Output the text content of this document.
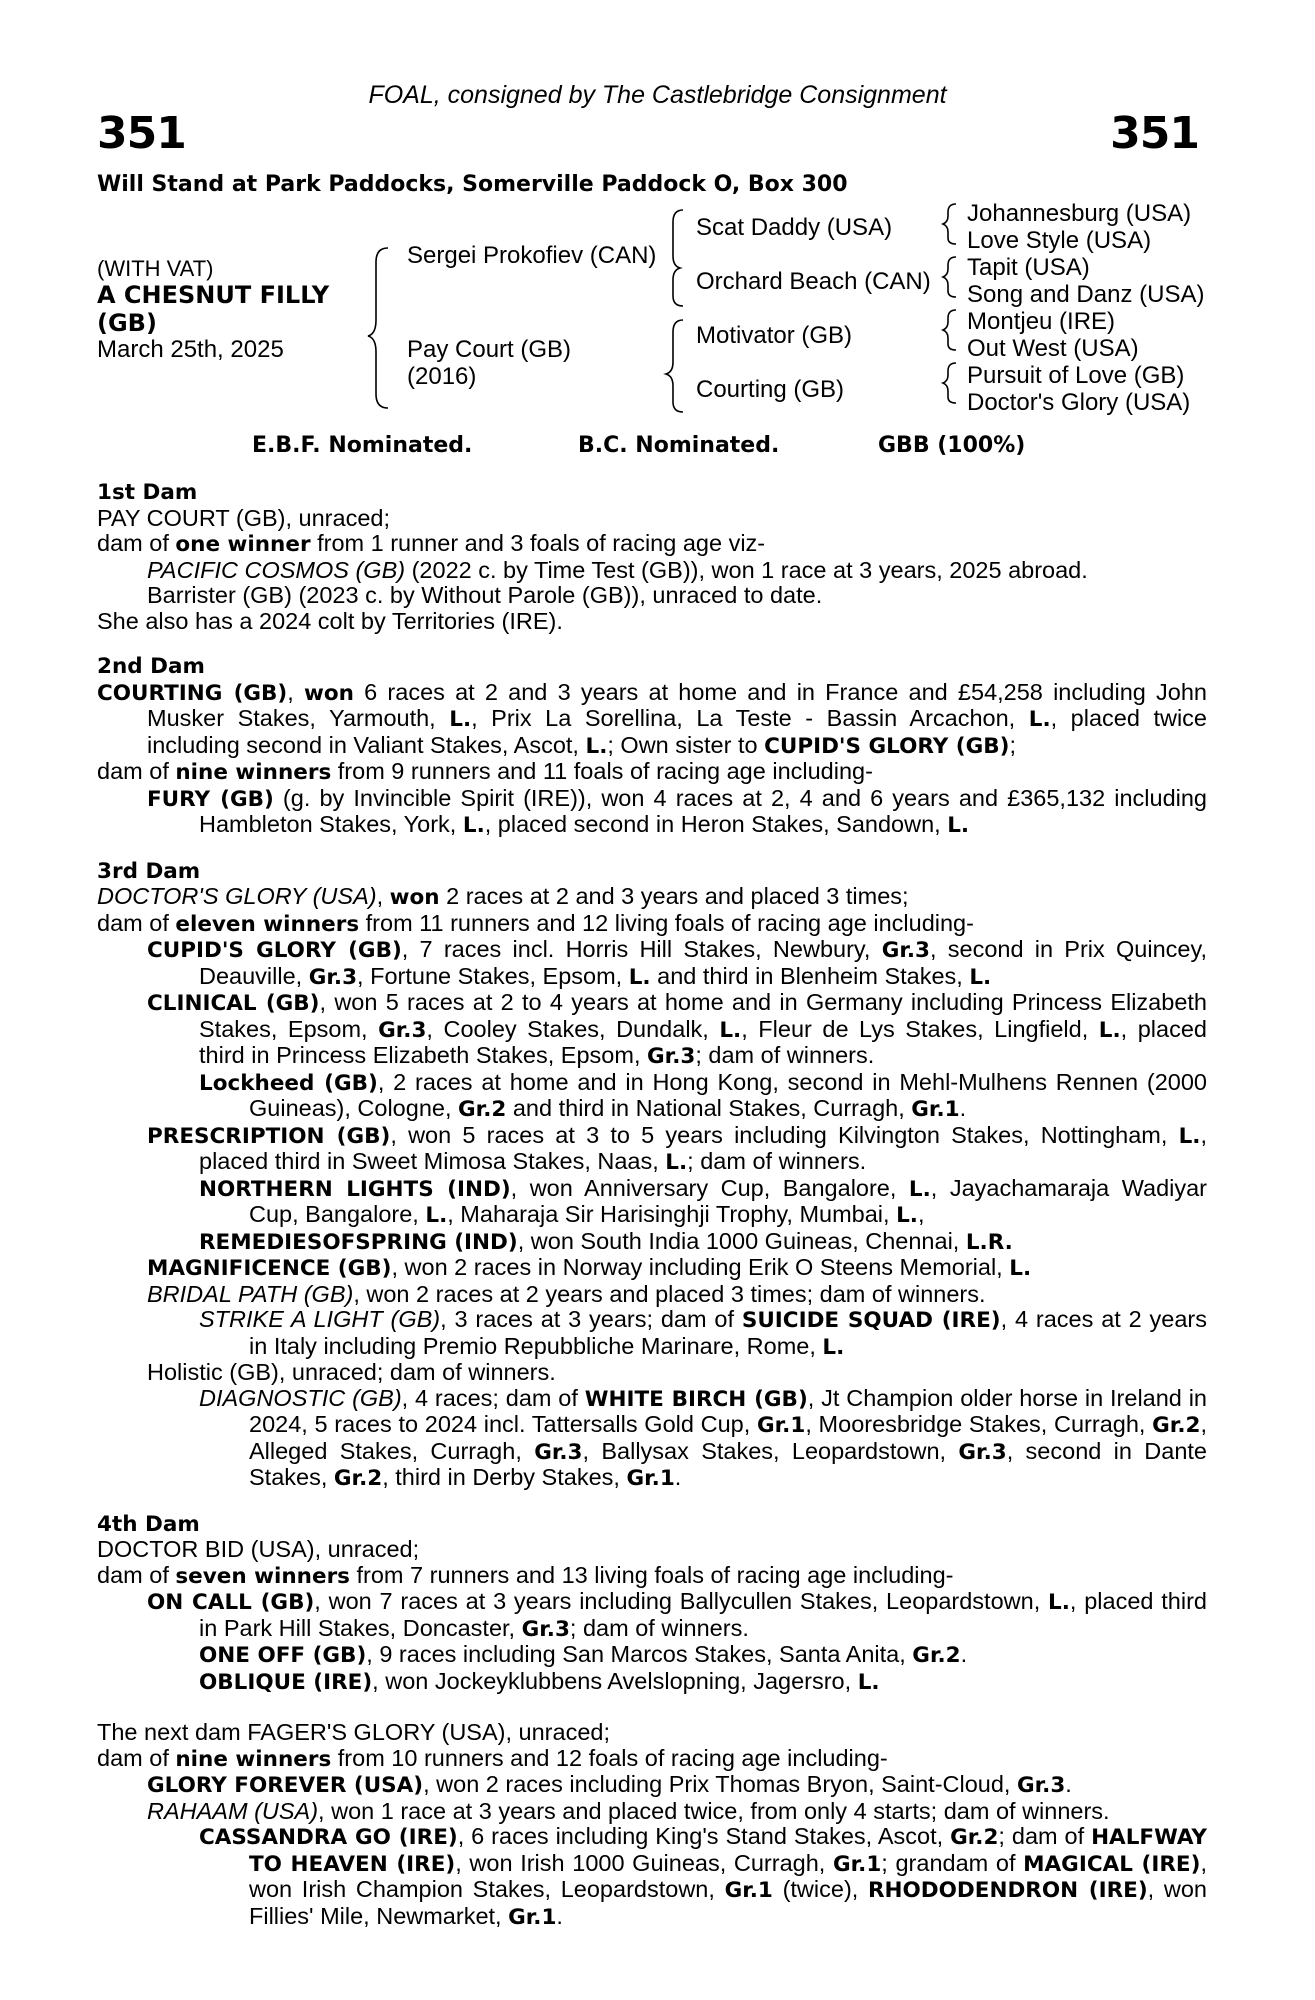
FOAL, consigned by The Castlebridge Consignment
351	351
Will Stand at Park Paddocks, Somerville Paddock O, Box 300
(WITH VAT)
A CHESNUT FILLY
(GB)
March 25th, 2025
Sergei Prokofiev (CAN)
Pay Court (GB)
(2016)
Scat Daddy (USA)
Orchard Beach (CAN)
Motivator (GB)
Courting (GB)
Johannesburg (USA)
Love Style (USA)
Tapit (USA)
Song and Danz (USA)
Montjeu (IRE)
Out West (USA)
Pursuit of Love (GB)
Doctor's Glory (USA)
E.B.F. Nominated.	B.C. Nominated.	GBB (100%)
1st Dam

PAY COURT (GB), unraced;

dam of one winner from 1 runner and 3 foals of racing age viz-

PACIFIC COSMOS (GB) (2022 c. by Time Test (GB)), won 1 race at 3 years, 2025 abroad.

Barrister (GB) (2023 c. by Without Parole (GB)), unraced to date.

She also has a 2024 colt by Territories (IRE).

2nd Dam

COURTING (GB), won 6 races at 2 and 3 years at home and in France and £54,258 including John Musker Stakes, Yarmouth, L., Prix La Sorellina, La Teste - Bassin Arcachon, L., placed twice including second in Valiant Stakes, Ascot, L.; Own sister to CUPID'S GLORY (GB);

dam of nine winners from 9 runners and 11 foals of racing age including-

FURY (GB) (g. by Invincible Spirit (IRE)), won 4 races at 2, 4 and 6 years and £365,132 including Hambleton Stakes, York, L., placed second in Heron Stakes, Sandown, L.

3rd Dam

DOCTOR'S GLORY (USA), won 2 races at 2 and 3 years and placed 3 times;

dam of eleven winners from 11 runners and 12 living foals of racing age including-

CUPID'S GLORY (GB), 7 races incl. Horris Hill Stakes, Newbury, Gr.3, second in Prix Quincey, Deauville, Gr.3, Fortune Stakes, Epsom, L. and third in Blenheim Stakes, L.

CLINICAL (GB), won 5 races at 2 to 4 years at home and in Germany including Princess Elizabeth Stakes, Epsom, Gr.3, Cooley Stakes, Dundalk, L., Fleur de Lys Stakes, Lingfield, L., placed third in Princess Elizabeth Stakes, Epsom, Gr.3; dam of winners.

Lockheed (GB), 2 races at home and in Hong Kong, second in Mehl-Mulhens Rennen (2000 Guineas), Cologne, Gr.2 and third in National Stakes, Curragh, Gr.1.

PRESCRIPTION (GB), won 5 races at 3 to 5 years including Kilvington Stakes, Nottingham, L., placed third in Sweet Mimosa Stakes, Naas, L.; dam of winners.

NORTHERN LIGHTS (IND), won Anniversary Cup, Bangalore, L., Jayachamaraja Wadiyar Cup, Bangalore, L., Maharaja Sir Harisinghji Trophy, Mumbai, L.,

REMEDIESOFSPRING (IND), won South India 1000 Guineas, Chennai, L.R.

MAGNIFICENCE (GB), won 2 races in Norway including Erik O Steens Memorial, L.

BRIDAL PATH (GB), won 2 races at 2 years and placed 3 times; dam of winners.

STRIKE A LIGHT (GB), 3 races at 3 years; dam of SUICIDE SQUAD (IRE), 4 races at 2 years in Italy including Premio Repubbliche Marinare, Rome, L.

Holistic (GB), unraced; dam of winners.

DIAGNOSTIC (GB), 4 races; dam of WHITE BIRCH (GB), Jt Champion older horse in Ireland in 2024, 5 races to 2024 incl. Tattersalls Gold Cup, Gr.1, Mooresbridge Stakes, Curragh, Gr.2, Alleged Stakes, Curragh, Gr.3, Ballysax Stakes, Leopardstown, Gr.3, second in Dante Stakes, Gr.2, third in Derby Stakes, Gr.1.

4th Dam

DOCTOR BID (USA), unraced;

dam of seven winners from 7 runners and 13 living foals of racing age including-

ON CALL (GB), won 7 races at 3 years including Ballycullen Stakes, Leopardstown, L., placed third in Park Hill Stakes, Doncaster, Gr.3; dam of winners.

ONE OFF (GB), 9 races including San Marcos Stakes, Santa Anita, Gr.2.

OBLIQUE (IRE), won Jockeyklubbens Avelslopning, Jagersro, L.

The next dam FAGER'S GLORY (USA), unraced;

dam of nine winners from 10 runners and 12 foals of racing age including-

GLORY FOREVER (USA), won 2 races including Prix Thomas Bryon, Saint-Cloud, Gr.3.

RAHAAM (USA), won 1 race at 3 years and placed twice, from only 4 starts; dam of winners.

CASSANDRA GO (IRE), 6 races including King's Stand Stakes, Ascot, Gr.2; dam of HALFWAY TO HEAVEN (IRE), won Irish 1000 Guineas, Curragh, Gr.1; grandam of MAGICAL (IRE), won Irish Champion Stakes, Leopardstown, Gr.1 (twice), RHODODENDRON (IRE), won Fillies' Mile, Newmarket, Gr.1.
